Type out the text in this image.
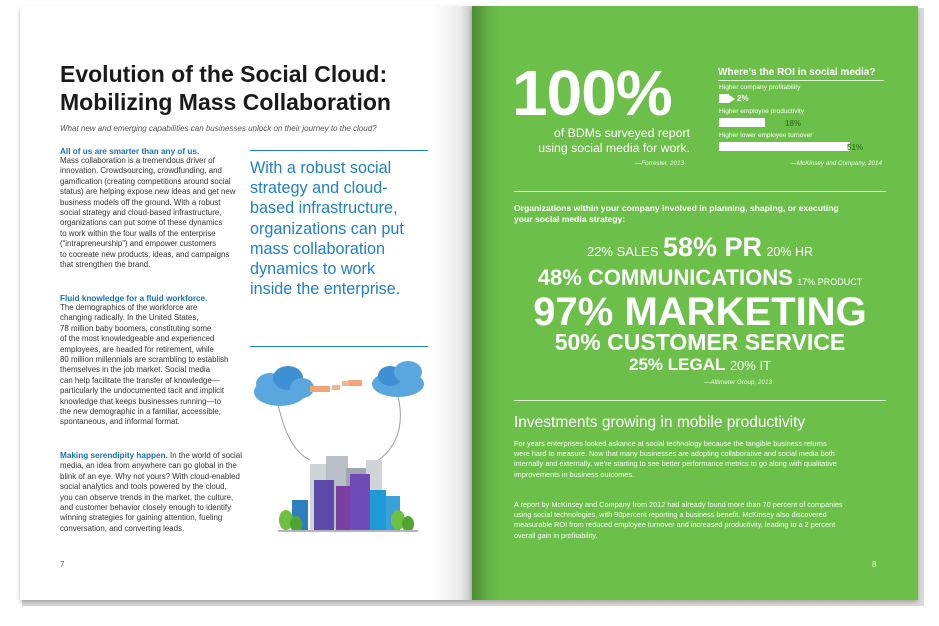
Evolution of the Social Cloud:
Mobilizing Mass Collaboration
What new and emerging capabilities can businesses unlock on their journey to the cloud?
All of us are smarter than any of us.
Mass collaboration is a tremendous driver of
innovation. Crowdsourcing, crowdfunding, and
gamification (creating competitions around social
status) are helping expose new ideas and get new
business models off the ground. With a robust
social strategy and cloud-based infrastructure,
organizations can put some of these dynamics
to work within the four walls of the enterprise
(“intrapreneurship”) and empower customers
to cocreate new products, ideas, and campaigns
that strengthen the brand.
Fluid knowledge for a fluid workforce.
The demographics of the workforce are
changing radically. In the United States,
78 million baby boomers, constituting some
of the most knowledgeable and experienced
employees, are headed for retirement, while
80 million millennials are scrambling to establish
themselves in the job market. Social media
can help facilitate the transfer of knowledge—
particularly the undocumented tacit and implicit
knowledge that keeps businesses running—to
the new demographic in a familiar, accessible,
spontaneous, and informal format.
Making serendipity happen. In the world of social
media, an idea from anywhere can go global in the
blink of an eye. Why not yours? With cloud-enabled
social analytics and tools powered by the cloud,
you can observe trends in the market, the culture,
and customer behavior closely enough to identify
winning strategies for gaining attention, fueling
conversation, and converting leads.
With a robust social
strategy and cloud-
based infrastructure,
organizations can put
mass collaboration
dynamics to work
inside the enterprise.
7
100%
of BDMs surveyed report
using social media for work.
—Forrester, 2013
Where’s the ROI in social media?
Higher company profitability
2%
Higher employee productivity
18%
Higher lower employee turnover
51%
—McKinsey and Company, 2014
Organizations within your company involved in planning, shaping, or executing
your social media strategy:
22% SALES 58% PR 20% HR
48% COMMUNICATIONS 17% PRODUCT
97% MARKETING
50% CUSTOMER SERVICE
25% LEGAL 20% IT
—Altimeter Group, 2013
Investments growing in mobile productivity
For years enterprises looked askance at social technology because the tangible business returns
were hard to measure. Now that many businesses are adopting collaborative and social media both
internally and externally, we’re starting to see better performance metrics to go along with qualitative
improvements in business outcomes.
A report by McKinsey and Company from 2012 had already found more than 70 percent of companies
using social technologies, with 90percent reporting a business benefit. McKinsey also discovered
measurable ROI from reduced employee turnover and increased productivity, leading to a 2 percent
overall gain in profitability.
8
